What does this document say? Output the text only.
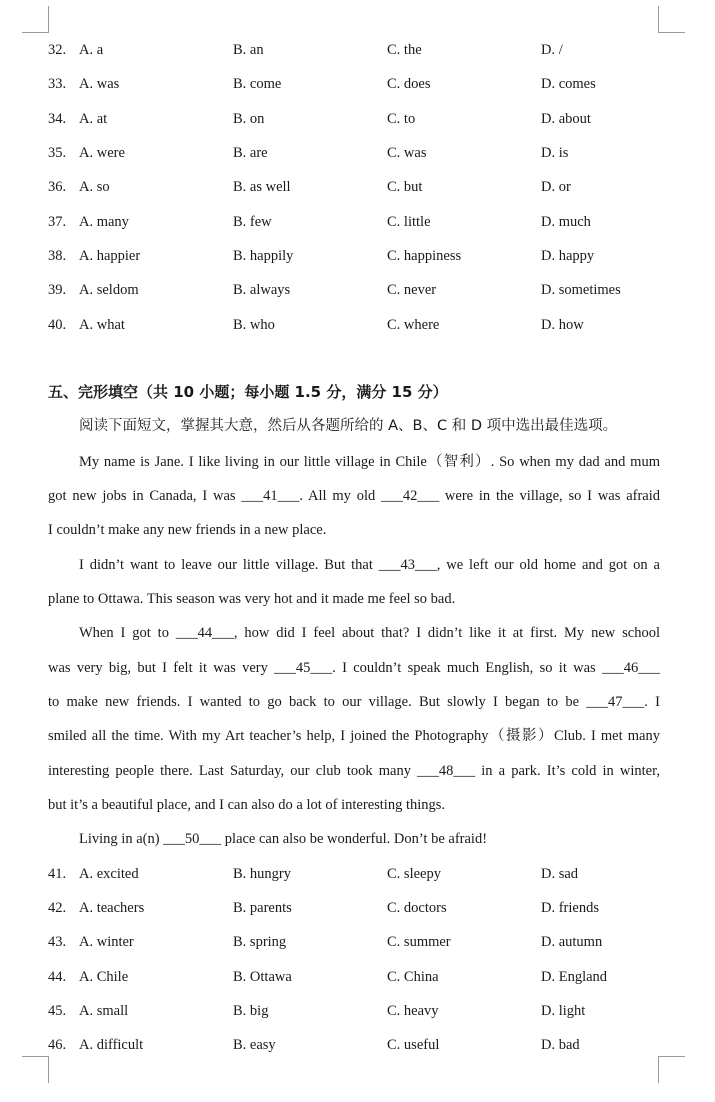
32. A. a	B. an	C. the	D. /
33. A. was	B. come	C. does	D. comes
34. A. at	B. on	C. to	D. about
35. A. were	B. are	C. was	D. is
36. A. so	B. as well	C. but	D. or
37. A. many	B. few	C. little	D. much
38. A. happier	B. happily	C. happiness	D. happy
39. A. seldom	B. always	C. never	D. sometimes
40. A. what	B. who	C. where	D. how
五、完形填空（共 10 小题；每小题 1.5 分，满分 15 分）
阅读下面短文，掌握其大意，然后从各题所给的 A、B、C 和 D 项中选出最佳选项。
My name is Jane. I like living in our little village in Chile（智利）. So when my dad and mum
got new jobs in Canada, I was ___41___. All my old ___42___ were in the village, so I was afraid
I couldn’t make any new friends in a new place.
I didn’t want to leave our little village. But that ___43___, we left our old home and got on a
plane to Ottawa. This season was very hot and it made me feel so bad.
When I got to ___44___, how did I feel about that? I didn’t like it at first. My new school
was very big, but I felt it was very ___45___. I couldn’t speak much English, so it was ___46___
to make new friends. I wanted to go back to our village. But slowly I began to be ___47___. I
smiled all the time. With my Art teacher’s help, I joined the Photography（摄影）Club. I met many
interesting people there. Last Saturday, our club took many ___48___ in a park. It’s cold in winter,
but it’s a beautiful place, and I can also do a lot of interesting things.
Living in a(n) ___50___ place can also be wonderful. Don’t be afraid!
41. A. excited	B. hungry	C. sleepy	D. sad
42. A. teachers	B. parents	C. doctors	D. friends
43. A. winter	B. spring	C. summer	D. autumn
44. A. Chile	B. Ottawa	C. China	D. England
45. A. small	B. big	C. heavy	D. light
46. A. difficult	B. easy	C. useful	D. bad
